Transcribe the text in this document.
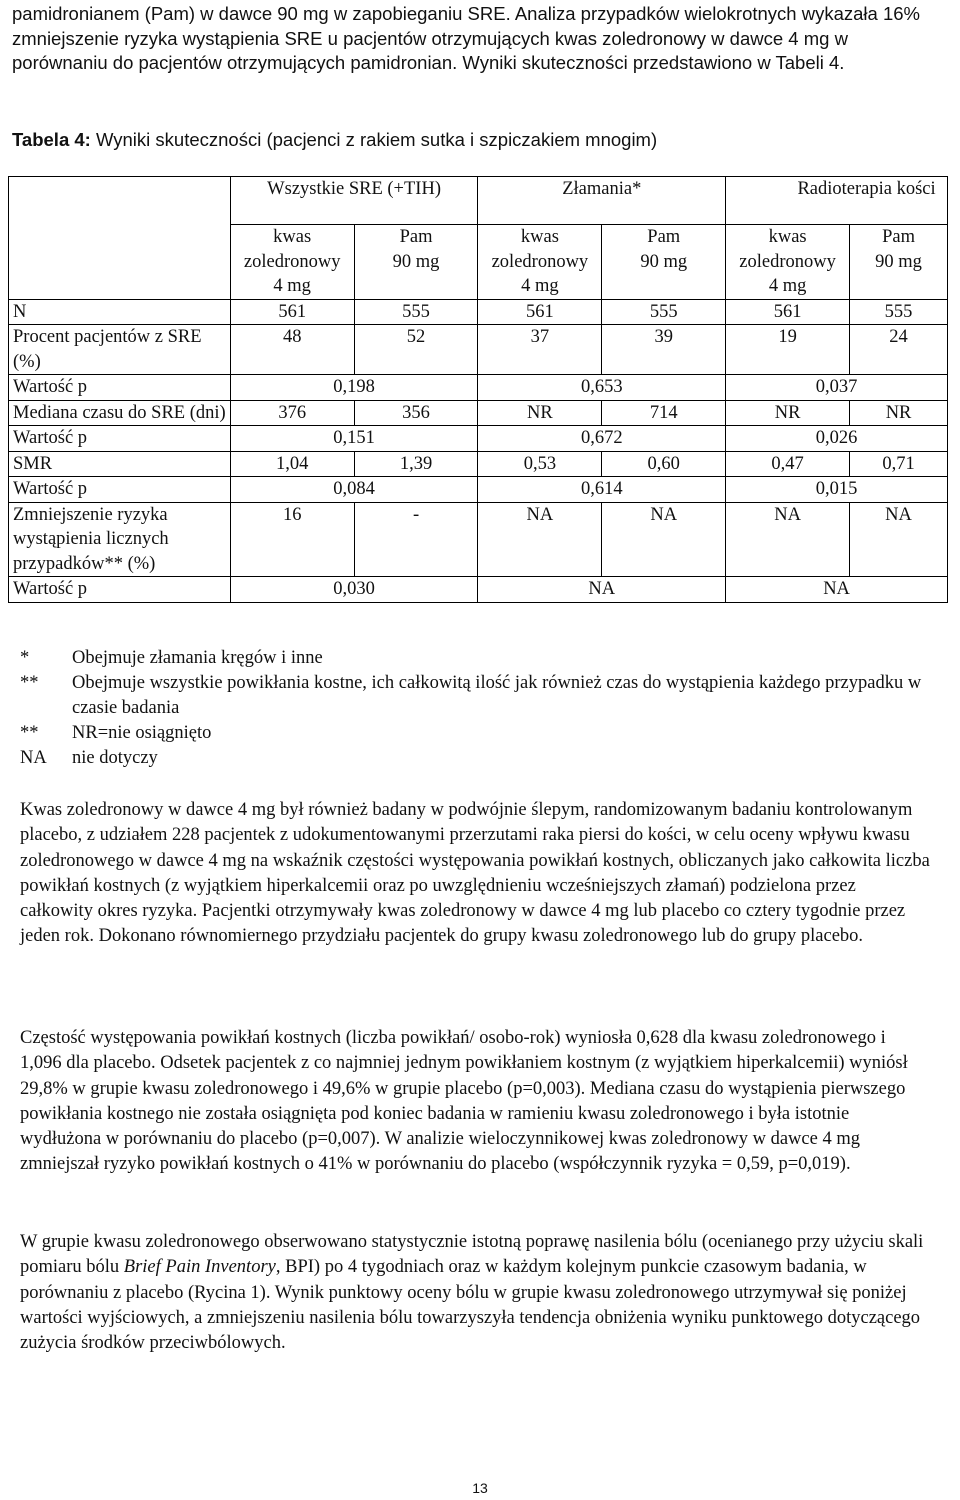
pamidronianem (Pam) w dawce 90 mg w zapobieganiu SRE. Analiza przypadków wielokrotnych wykazała 16% zmniejszenie ryzyka wystąpienia SRE u pacjentów otrzymujących kwas zoledronowy w dawce 4 mg w porównaniu do pacjentów otrzymujących pamidronian. Wyniki skuteczności przedstawiono w Tabeli 4.
Tabela 4: Wyniki skuteczności (pacjenci z rakiem sutka i szpiczakiem mnogim)
	Wszystkie SRE (+TIH)		Złamania*		Radioterapia kości	
	kwas
zoledronowy
4 mg	Pam
90 mg	kwas
zoledronowy
4 mg	Pam
90 mg	kwas
zoledronowy
4 mg	Pam
90 mg
N	561	555	561	555	561	555
Procent pacjentów z SRE (%)	48	52	37	39	19	24
Wartość p	0,198		0,653		0,037	
Mediana czasu do SRE (dni)	376	356	NR	714	NR	NR
Wartość p	0,151		0,672		0,026	
SMR	1,04	1,39	0,53	0,60	0,47	0,71
Wartość p	0,084		0,614		0,015	
Zmniejszenie ryzyka wystąpienia licznych przypadków** (%)	16	-	NA	NA	NA	NA
Wartość p	0,030		NA		NA	
*	Obejmuje złamania kręgów i inne
**	Obejmuje wszystkie powikłania kostne, ich całkowitą ilość jak również czas do wystąpienia każdego przypadku w czasie badania
**	NR=nie osiągnięto
NA	nie dotyczy
Kwas zoledronowy w dawce 4 mg był również badany w podwójnie ślepym, randomizowanym badaniu kontrolowanym placebo, z udziałem 228 pacjentek z udokumentowanymi przerzutami raka piersi do kości, w celu oceny wpływu kwasu zoledronowego w dawce 4 mg na wskaźnik częstości występowania powikłań kostnych, obliczanych jako całkowita liczba powikłań kostnych (z wyjątkiem hiperkalcemii oraz po uwzględnieniu wcześniejszych złamań) podzielona przez całkowity okres ryzyka. Pacjentki otrzymywały kwas zoledronowy w dawce 4 mg lub placebo co cztery tygodnie przez jeden rok. Dokonano równomiernego przydziału pacjentek do grupy kwasu zoledronowego lub do grupy placebo.
Częstość występowania powikłań kostnych (liczba powikłań/ osobo-rok) wyniosła 0,628 dla kwasu zoledronowego i 1,096 dla placebo. Odsetek pacjentek z co najmniej jednym powikłaniem kostnym (z wyjątkiem hiperkalcemii) wyniósł 29,8% w grupie kwasu zoledronowego i 49,6% w grupie placebo (p=0,003). Mediana czasu do wystąpienia pierwszego powikłania kostnego nie została osiągnięta pod koniec badania w ramieniu kwasu zoledronowego i była istotnie wydłużona w porównaniu do placebo (p=0,007). W analizie wieloczynnikowej kwas zoledronowy w dawce 4 mg zmniejszał ryzyko powikłań kostnych o 41% w porównaniu do placebo (współczynnik ryzyka = 0,59, p=0,019).
W grupie kwasu zoledronowego obserwowano statystycznie istotną poprawę nasilenia bólu (ocenianego przy użyciu skali pomiaru bólu Brief Pain Inventory, BPI) po 4 tygodniach oraz w każdym kolejnym punkcie czasowym badania, w porównaniu z placebo (Rycina 1). Wynik punktowy oceny bólu w grupie kwasu zoledronowego utrzymywał się poniżej wartości wyjściowych, a zmniejszeniu nasilenia bólu towarzyszyła tendencja obniżenia wyniku punktowego dotyczącego zużycia środków przeciwbólowych.
13
